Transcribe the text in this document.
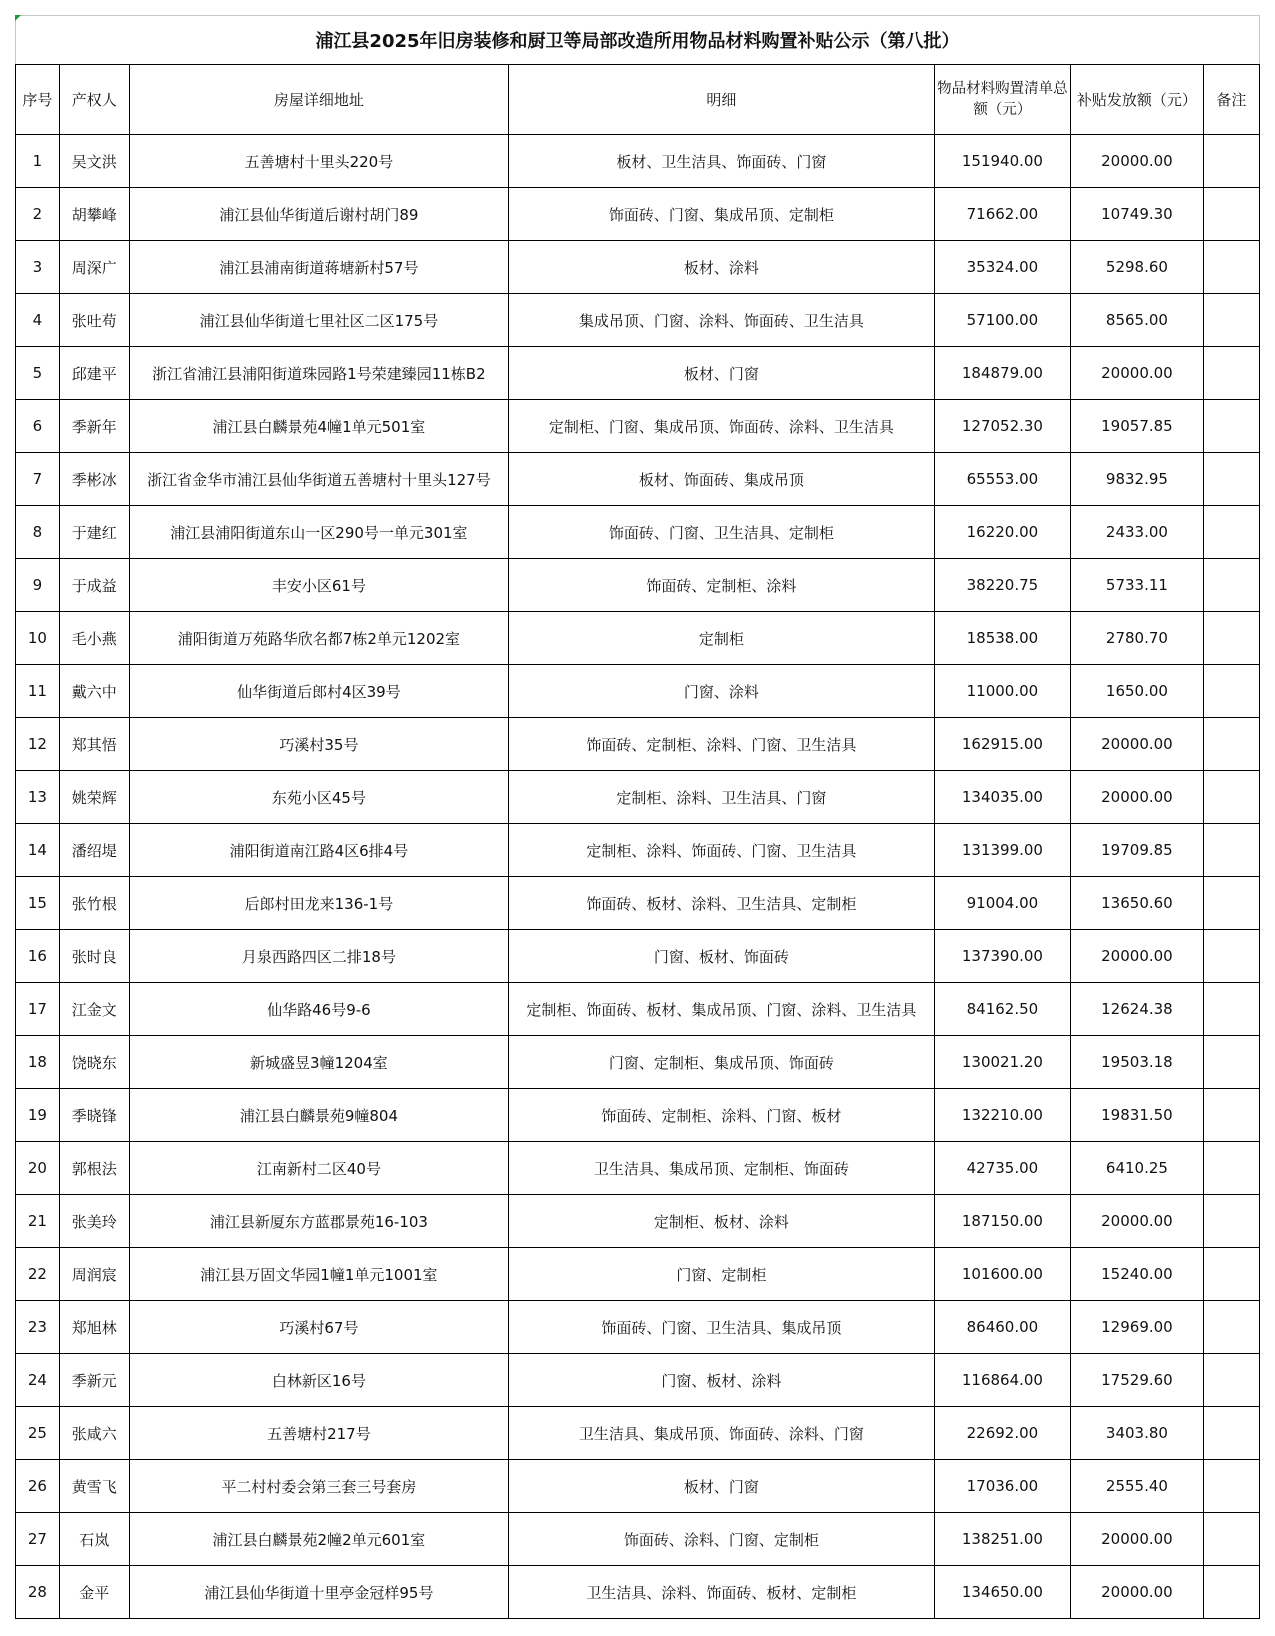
浦江县2025年旧房装修和厨卫等局部改造所用物品材料购置补贴公示（第八批）
序号	产权人	房屋详细地址	明细	物品材料购置清单总额（元）	补贴发放额（元）	备注
1	吴文洪	五善塘村十里头220号	板材、卫生洁具、饰面砖、门窗	151940.00	20000.00	
2	胡攀峰	浦江县仙华街道后谢村胡门89	饰面砖、门窗、集成吊顶、定制柜	71662.00	10749.30	
3	周深广	浦江县浦南街道蒋塘新村57号	板材、涂料	35324.00	5298.60	
4	张吐苟	浦江县仙华街道七里社区二区175号	集成吊顶、门窗、涂料、饰面砖、卫生洁具	57100.00	8565.00	
5	邱建平	浙江省浦江县浦阳街道珠园路1号荣建臻园11栋B2	板材、门窗	184879.00	20000.00	
6	季新年	浦江县白麟景苑4幢1单元501室	定制柜、门窗、集成吊顶、饰面砖、涂料、卫生洁具	127052.30	19057.85	
7	季彬冰	浙江省金华市浦江县仙华街道五善塘村十里头127号	板材、饰面砖、集成吊顶	65553.00	9832.95	
8	于建红	浦江县浦阳街道东山一区290号一单元301室	饰面砖、门窗、卫生洁具、定制柜	16220.00	2433.00	
9	于成益	丰安小区61号	饰面砖、定制柜、涂料	38220.75	5733.11	
10	毛小燕	浦阳街道万苑路华欣名都7栋2单元1202室	定制柜	18538.00	2780.70	
11	戴六中	仙华街道后郎村4区39号	门窗、涂料	11000.00	1650.00	
12	郑其悟	巧溪村35号	饰面砖、定制柜、涂料、门窗、卫生洁具	162915.00	20000.00	
13	姚荣辉	东苑小区45号	定制柜、涂料、卫生洁具、门窗	134035.00	20000.00	
14	潘绍堤	浦阳街道南江路4区6排4号	定制柜、涂料、饰面砖、门窗、卫生洁具	131399.00	19709.85	
15	张竹根	后郎村田龙来136-1号	饰面砖、板材、涂料、卫生洁具、定制柜	91004.00	13650.60	
16	张时良	月泉西路四区二排18号	门窗、板材、饰面砖	137390.00	20000.00	
17	江金文	仙华路46号9-6	定制柜、饰面砖、板材、集成吊顶、门窗、涂料、卫生洁具	84162.50	12624.38	
18	饶晓东	新城盛昱3幢1204室	门窗、定制柜、集成吊顶、饰面砖	130021.20	19503.18	
19	季晓锋	浦江县白麟景苑9幢804	饰面砖、定制柜、涂料、门窗、板材	132210.00	19831.50	
20	郭根法	江南新村二区40号	卫生洁具、集成吊顶、定制柜、饰面砖	42735.00	6410.25	
21	张美玲	浦江县新厦东方蓝郡景苑16-103	定制柜、板材、涂料	187150.00	20000.00	
22	周润宸	浦江县万固文华园1幢1单元1001室	门窗、定制柜	101600.00	15240.00	
23	郑旭林	巧溪村67号	饰面砖、门窗、卫生洁具、集成吊顶	86460.00	12969.00	
24	季新元	白林新区16号	门窗、板材、涂料	116864.00	17529.60	
25	张咸六	五善塘村217号	卫生洁具、集成吊顶、饰面砖、涂料、门窗	22692.00	3403.80	
26	黄雪飞	平二村村委会第三套三号套房	板材、门窗	17036.00	2555.40	
27	石岚	浦江县白麟景苑2幢2单元601室	饰面砖、涂料、门窗、定制柜	138251.00	20000.00	
28	金平	浦江县仙华街道十里亭金冠样95号	卫生洁具、涂料、饰面砖、板材、定制柜	134650.00	20000.00	
